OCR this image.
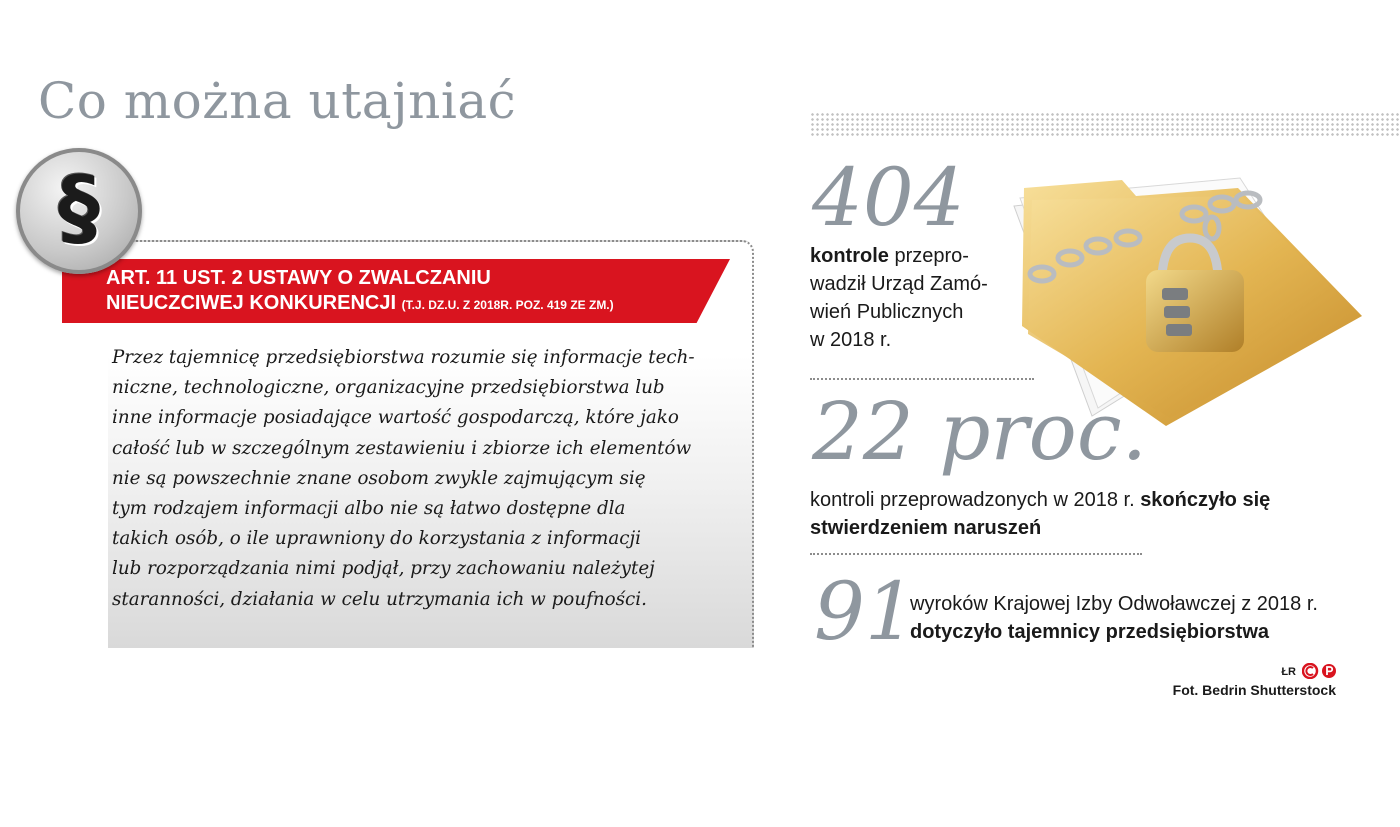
Co można utajniać
§
ART. 11 UST. 2 USTAWY O ZWALCZANIU
NIEUCZCIWEJ KONKURENCJI (T.J. DZ.U. Z 2018R. POZ. 419 ZE ZM.)
Przez tajemnicę przedsiębiorstwa rozumie się informacje tech-
niczne, technologiczne, organizacyjne przedsiębiorstwa lub
inne informacje posiadające wartość gospodarczą, które jako
całość lub w szczególnym zestawieniu i zbiorze ich elementów
nie są powszechnie znane osobom zwykle zajmującym się
tym rodzajem informacji albo nie są łatwo dostępne dla
takich osób, o ile uprawniony do korzystania z informacji
lub rozporządzania nimi podjął, przy zachowaniu należytej
staranności, działania w celu utrzymania ich w poufności.
404
kontrole przepro-
wadził Urząd Zamó-
wień Publicznych
w 2018 r.
22 proc.
kontroli przeprowadzonych w 2018 r. skończyło się
stwierdzeniem naruszeń
91
wyroków Krajowej Izby Odwoławczej z 2018 r.
dotyczyło tajemnicy przedsiębiorstwa
ŁR
Fot. Bedrin Shutterstock
